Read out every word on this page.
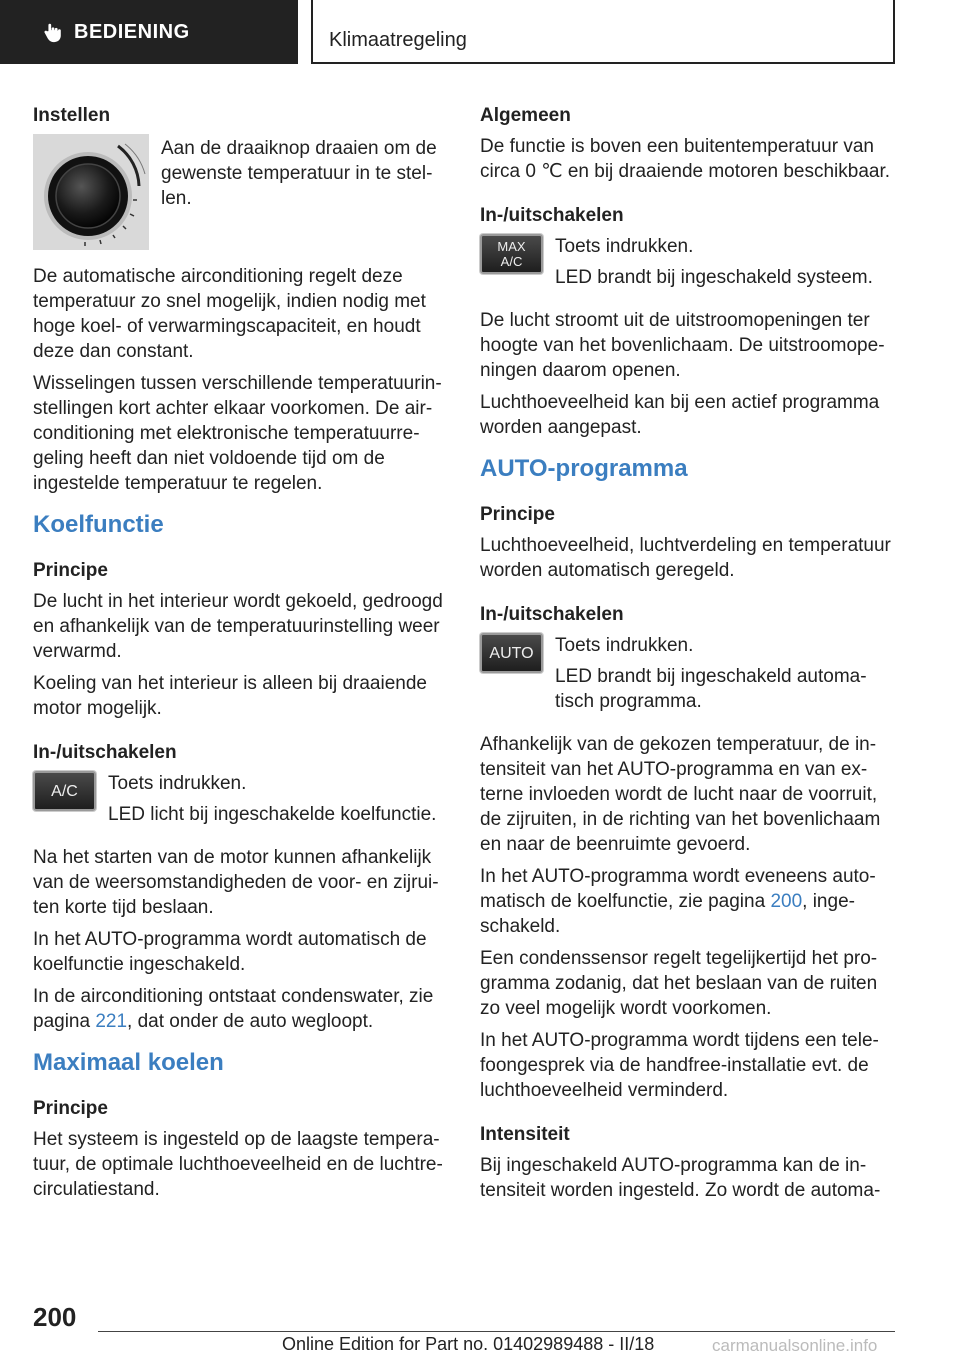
BEDIENING	Klimaatregeling
Instellen
Aan de draaiknop draaien om de gewenste temperatuur in te stel-len.

De automatische airconditioning regelt deze temperatuur zo snel mogelijk, indien nodig met hoge koel- of verwarmingscapaciteit, en houdt deze dan constant.

Wisselingen tussen verschillende temperatuurin-stellingen kort achter elkaar voorkomen. De air-conditioning met elektronische temperatuurre-geling heeft dan niet voldoende tijd om de ingestelde temperatuur te regelen.

Koelfunctie
Principe

De lucht in het interieur wordt gekoeld, gedroogd en afhankelijk van de temperatuurinstelling weer verwarmd.

Koeling van het interieur is alleen bij draaiende motor mogelijk.

In-/uitschakelen
A/C	Toets indrukken.

LED licht bij ingeschakelde koelfunctie.

Na het starten van de motor kunnen afhankelijk van de weersomstandigheden de voor- en zijrui-ten korte tijd beslaan.

In het AUTO-programma wordt automatisch de koelfunctie ingeschakeld.

In de airconditioning ontstaat condenswater, zie pagina 221, dat onder de auto wegloopt.

Maximaal koelen
Principe

Het systeem is ingesteld op de laagste tempera-tuur, de optimale luchthoeveelheid en de luchtre-circulatiestand.

Algemeen

De functie is boven een buitentemperatuur van circa 0 ℃ en bij draaiende motoren beschikbaar.

In-/uitschakelen
MAX
A/C

Toets indrukken.

LED brandt bij ingeschakeld systeem.

De lucht stroomt uit de uitstroomopeningen ter hoogte van het bovenlichaam. De uitstroomope-ningen daarom openen.

Luchthoeveelheid kan bij een actief programma worden aangepast.

AUTO-programma
Principe

Luchthoeveelheid, luchtverdeling en temperatuur worden automatisch geregeld.

In-/uitschakelen
AUTO	Toets indrukken.

LED brandt bij ingeschakeld automa-tisch programma.

Afhankelijk van de gekozen temperatuur, de in-tensiteit van het AUTO-programma en van ex-terne invloeden wordt de lucht naar de voorruit, de zijruiten, in de richting van het bovenlichaam en naar de beenruimte gevoerd.

In het AUTO-programma wordt eveneens auto-matisch de koelfunctie, zie pagina 200, inge-schakeld.

Een condenssensor regelt tegelijkertijd het pro-gramma zodanig, dat het beslaan van de ruiten zo veel mogelijk wordt voorkomen.

In het AUTO-programma wordt tijdens een tele-foongesprek via de handfree-installatie evt. de luchthoeveelheid verminderd.

Intensiteit

Bij ingeschakeld AUTO-programma kan de in-tensiteit worden ingesteld. Zo wordt de automa-

200
Online Edition for Part no. 01402989488 - II/18	carmanualsonline.info
